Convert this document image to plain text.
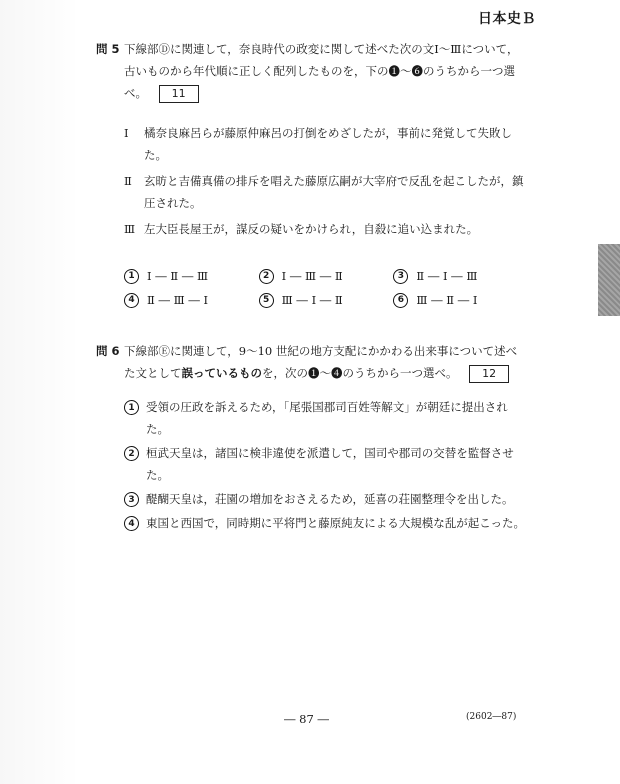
日本史Ｂ
問 5 下線部Ⓓに関連して，奈良時代の政変に関して述べた次の文Ⅰ～Ⅲについて，古いものから年代順に正しく配列したものを，下の➊～➏のうちから一つ選べ。 11
Ⅰ 橘奈良麻呂らが藤原仲麻呂の打倒をめざしたが，事前に発覚して失敗した。
Ⅱ 玄昉と吉備真備の排斥を唱えた藤原広嗣が大宰府で反乱を起こしたが，鎮圧された。
Ⅲ 左大臣長屋王が，謀反の疑いをかけられ，自殺に追い込まれた。
1	Ⅰ ― Ⅱ ― Ⅲ	2	Ⅰ ― Ⅲ ― Ⅱ	3	Ⅱ ― Ⅰ ― Ⅲ
4	Ⅱ ― Ⅲ ― Ⅰ	5	Ⅲ ― Ⅰ ― Ⅱ	6	Ⅲ ― Ⅱ ― Ⅰ
問 6 下線部Ⓔに関連して，9～10 世紀の地方支配にかかわる出来事について述べた文として誤っているものを，次の➊～➍のうちから一つ選べ。 12
1 受領の圧政を訴えるため，「尾張国郡司百姓等解文」が朝廷に提出された。
2 桓武天皇は，諸国に検非違使を派遣して，国司や郡司の交替を監督させた。
3 醍醐天皇は，荘園の増加をおさえるため，延喜の荘園整理令を出した。
4 東国と西国で，同時期に平将門と藤原純友による大規模な乱が起こった。
― 87 ―	(2602―87)
